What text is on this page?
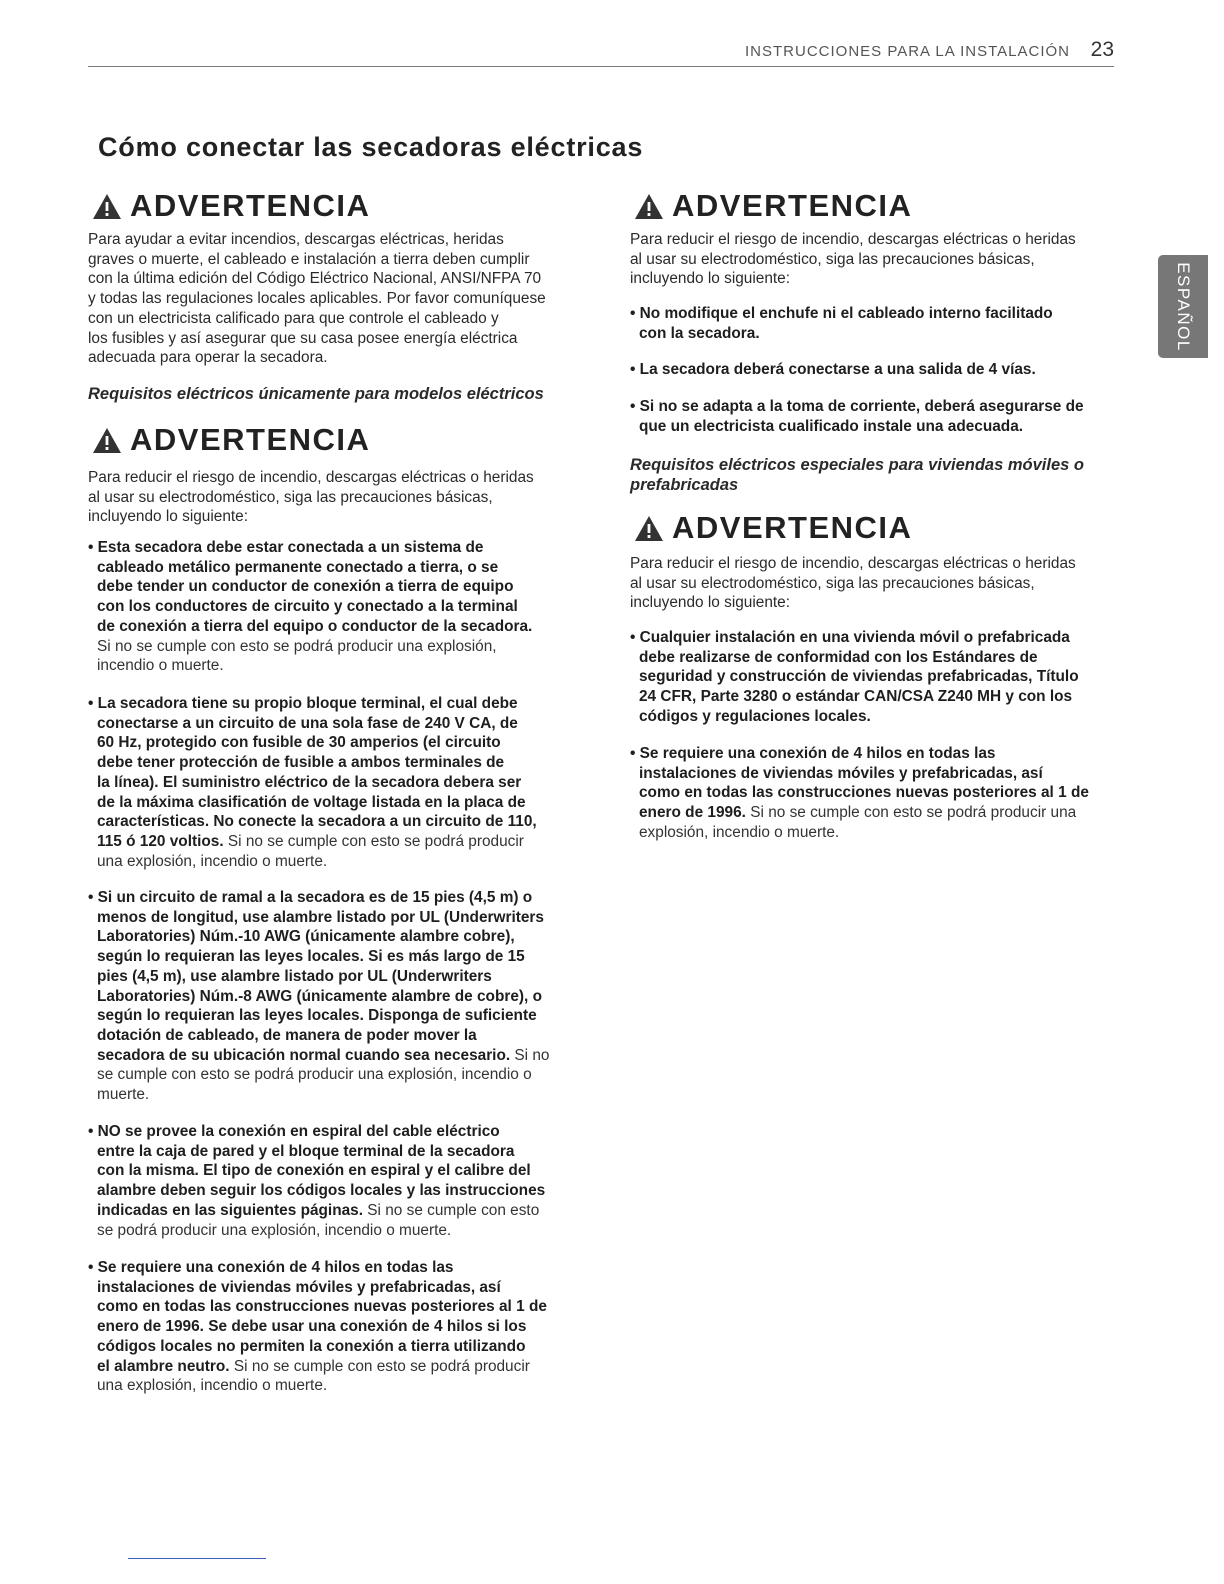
INSTRUCCIONES PARA LA INSTALACIÓN 23
Cómo conectar las secadoras eléctricas
ADVERTENCIA

Para ayudar a evitar incendios, descargas eléctricas, heridas
graves o muerte, el cableado e instalación a tierra deben cumplir
con la última edición del Código Eléctrico Nacional, ANSI/NFPA 70
y todas las regulaciones locales aplicables. Por favor comuníquese
con un electricista calificado para que controle el cableado y
los fusibles y así asegurar que su casa posee energía eléctrica
adecuada para operar la secadora.

Requisitos eléctricos únicamente para modelos eléctricos

ADVERTENCIA

Para reducir el riesgo de incendio, descargas eléctricas o heridas
al usar su electrodoméstico, siga las precauciones básicas,
incluyendo lo siguiente:

• Esta secadora debe estar conectada a un sistema de
cableado metálico permanente conectado a tierra, o se
debe tender un conductor de conexión a tierra de equipo
con los conductores de circuito y conectado a la terminal
de conexión a tierra del equipo o conductor de la secadora.
Si no se cumple con esto se podrá producir una explosión,
incendio o muerte.

• La secadora tiene su propio bloque terminal, el cual debe
conectarse a un circuito de una sola fase de 240 V CA, de
60 Hz, protegido con fusible de 30 amperios (el circuito
debe tener protección de fusible a ambos terminales de
la línea). El suministro eléctrico de la secadora debera ser
de la máxima clasificatión de voltage listada en la placa de
características. No conecte la secadora a un circuito de 110,
115 ó 120 voltios. Si no se cumple con esto se podrá producir
una explosión, incendio o muerte.

• Si un circuito de ramal a la secadora es de 15 pies (4,5 m) o
menos de longitud, use alambre listado por UL (Underwriters
Laboratories) Núm.-10 AWG (únicamente alambre cobre),
según lo requieran las leyes locales. Si es más largo de 15
pies (4,5 m), use alambre listado por UL (Underwriters
Laboratories) Núm.-8 AWG (únicamente alambre de cobre), o
según lo requieran las leyes locales. Disponga de suficiente
dotación de cableado, de manera de poder mover la
secadora de su ubicación normal cuando sea necesario. Si no
se cumple con esto se podrá producir una explosión, incendio o
muerte.

• NO se provee la conexión en espiral del cable eléctrico
entre la caja de pared y el bloque terminal de la secadora
con la misma. El tipo de conexión en espiral y el calibre del
alambre deben seguir los códigos locales y las instrucciones
indicadas en las siguientes páginas. Si no se cumple con esto
se podrá producir una explosión, incendio o muerte.

• Se requiere una conexión de 4 hilos en todas las
instalaciones de viviendas móviles y prefabricadas, así
como en todas las construcciones nuevas posteriores al 1 de
enero de 1996. Se debe usar una conexión de 4 hilos si los
códigos locales no permiten la conexión a tierra utilizando
el alambre neutro. Si no se cumple con esto se podrá producir
una explosión, incendio o muerte.

ADVERTENCIA

Para reducir el riesgo de incendio, descargas eléctricas o heridas
al usar su electrodoméstico, siga las precauciones básicas,
incluyendo lo siguiente:

• No modifique el enchufe ni el cableado interno facilitado
con la secadora.

• La secadora deberá conectarse a una salida de 4 vías.

• Si no se adapta a la toma de corriente, deberá asegurarse de
que un electricista cualificado instale una adecuada.

Requisitos eléctricos especiales para viviendas móviles o
prefabricadas

ADVERTENCIA

Para reducir el riesgo de incendio, descargas eléctricas o heridas
al usar su electrodoméstico, siga las precauciones básicas,
incluyendo lo siguiente:

• Cualquier instalación en una vivienda móvil o prefabricada
debe realizarse de conformidad con los Estándares de
seguridad y construcción de viviendas prefabricadas, Título
24 CFR, Parte 3280 o estándar CAN/CSA Z240 MH y con los
códigos y regulaciones locales.

• Se requiere una conexión de 4 hilos en todas las
instalaciones de viviendas móviles y prefabricadas, así
como en todas las construcciones nuevas posteriores al 1 de
enero de 1996. Si no se cumple con esto se podrá producir una
explosión, incendio o muerte.

ESPAÑOL
